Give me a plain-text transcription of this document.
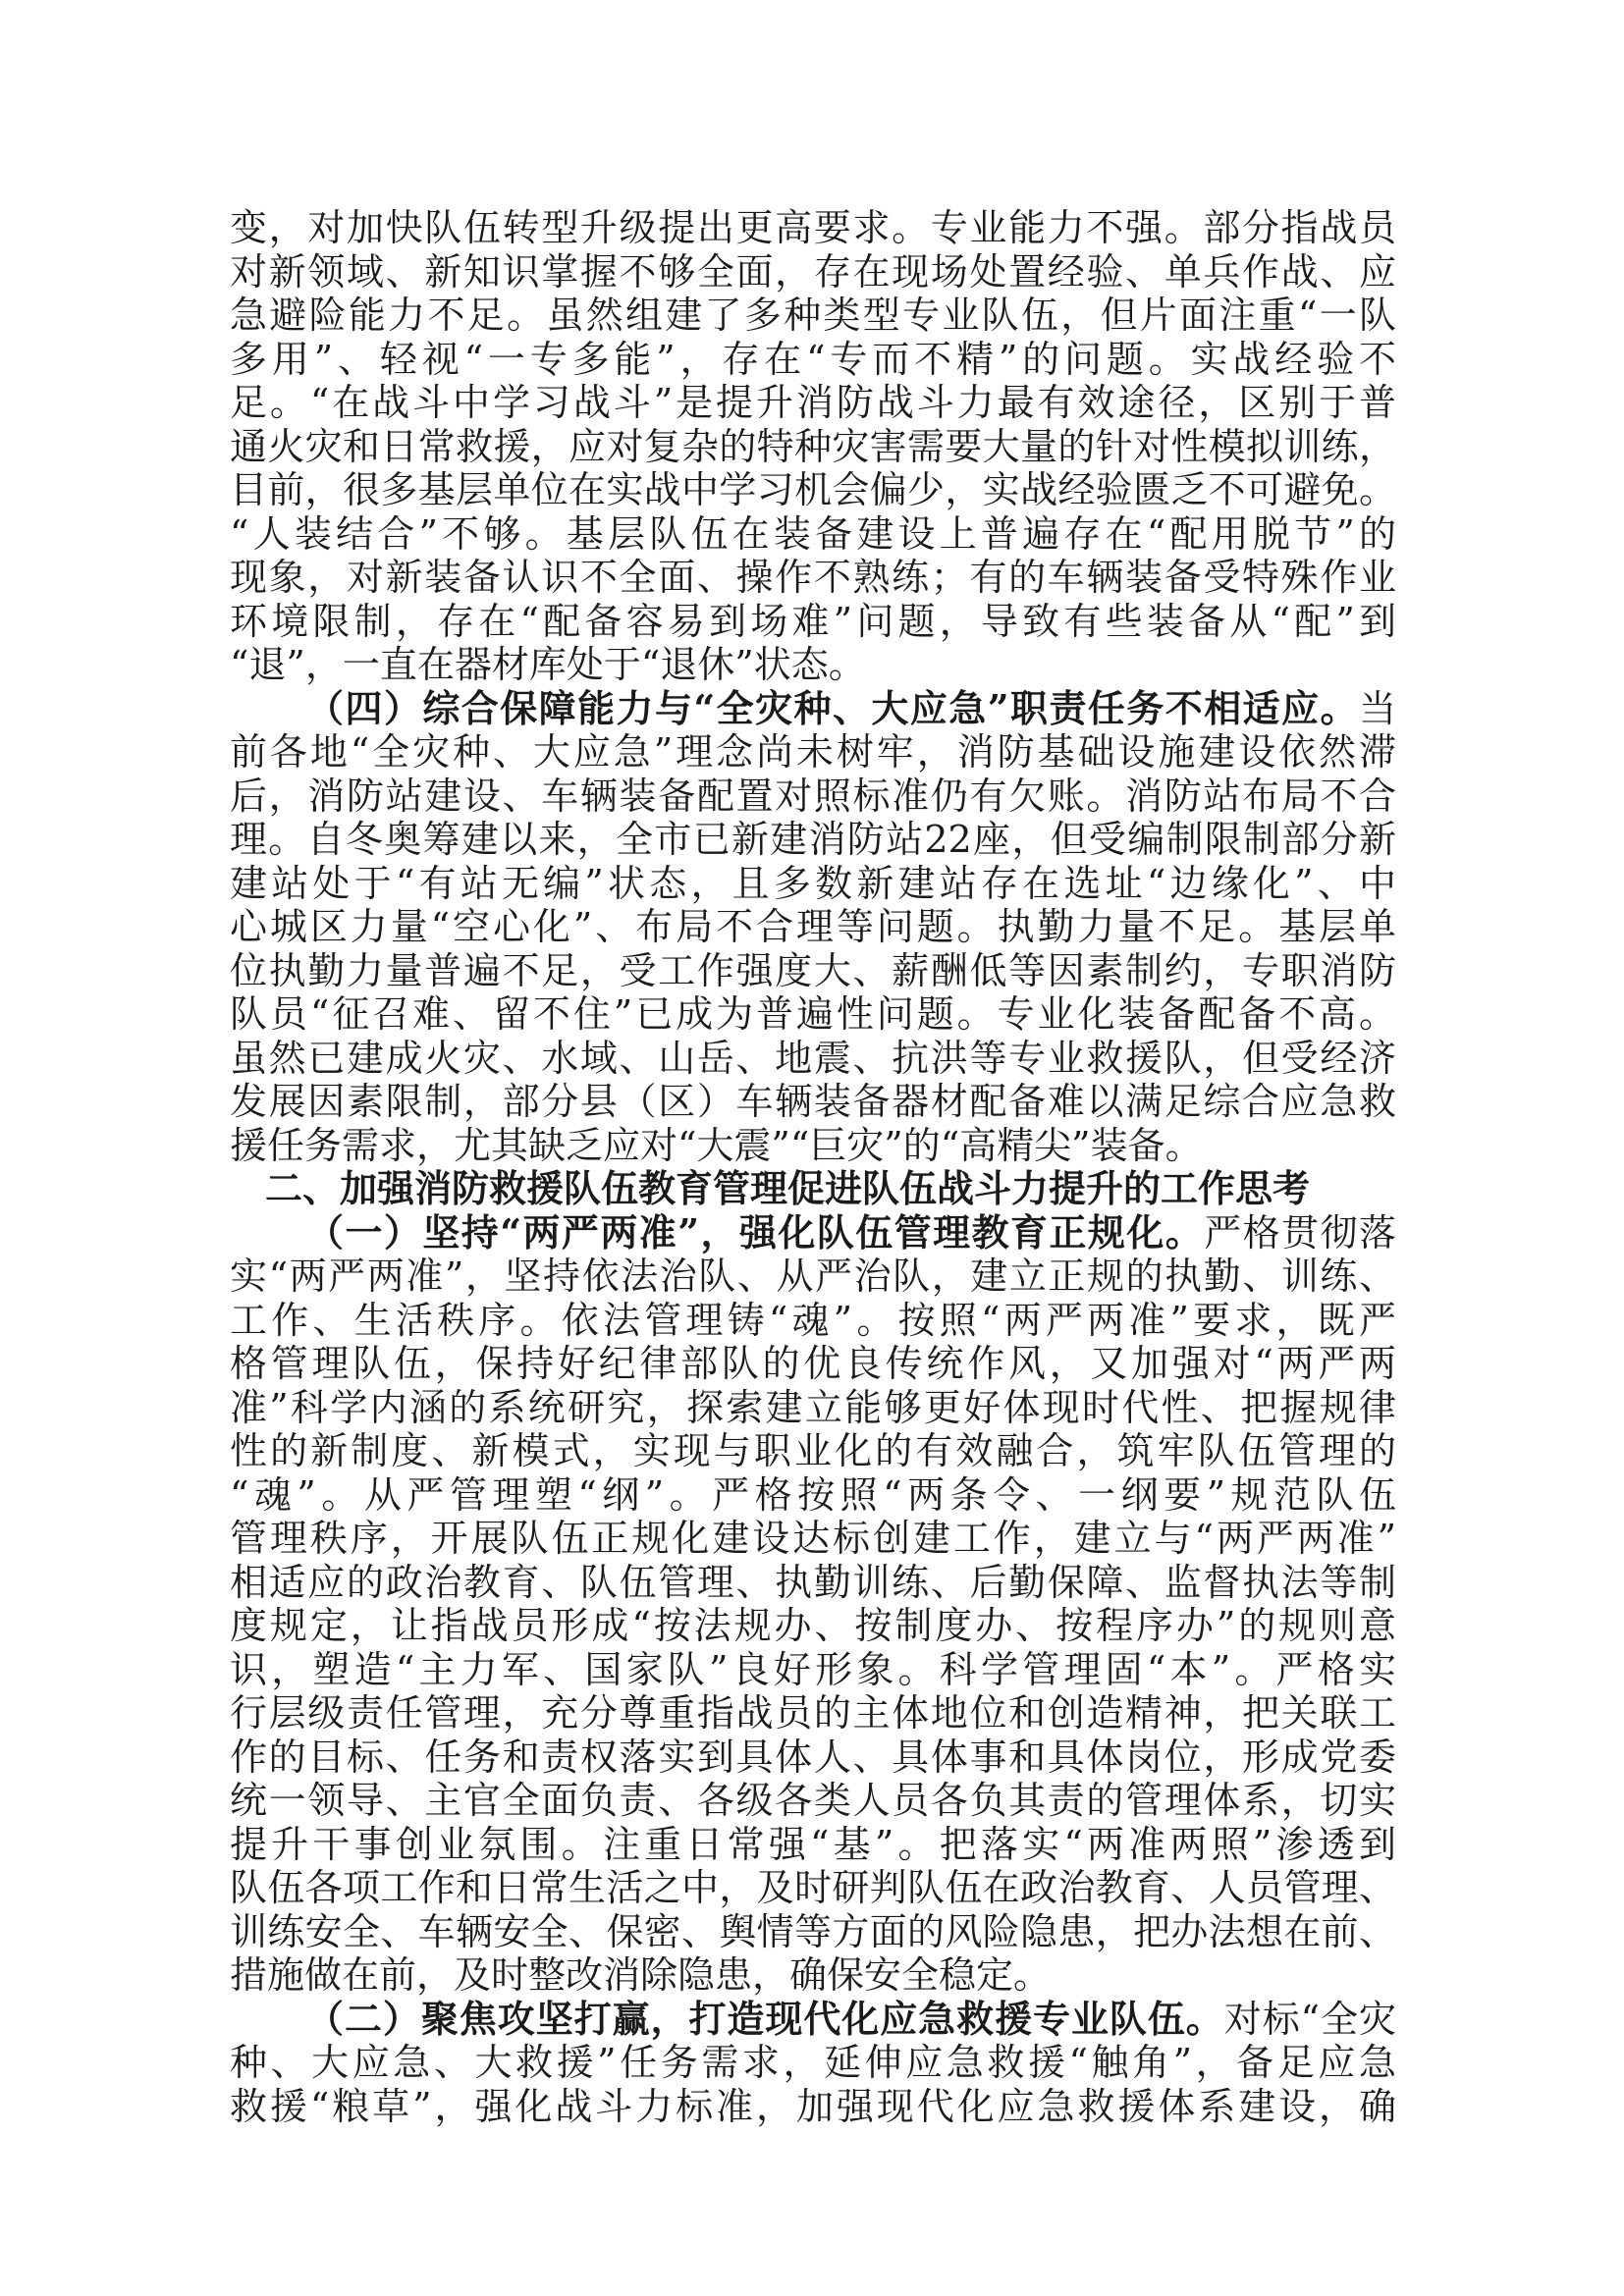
变，对加快队伍转型升级提出更高要求。专业能力不强。部分指战员
对新领域、新知识掌握不够全面，存在现场处置经验、单兵作战、应
急避险能力不足。虽然组建了多种类型专业队伍，但片面注重“一队
多用”、轻视“一专多能”，存在“专而不精”的问题。实战经验不
足。“在战斗中学习战斗”是提升消防战斗力最有效途径，区别于普
通火灾和日常救援，应对复杂的特种灾害需要大量的针对性模拟训练，
目前，很多基层单位在实战中学习机会偏少，实战经验匮乏不可避免。
“人装结合”不够。基层队伍在装备建设上普遍存在“配用脱节”的
现象，对新装备认识不全面、操作不熟练；有的车辆装备受特殊作业
环境限制，存在“配备容易到场难”问题，导致有些装备从“配”到
“退”，一直在器材库处于“退休”状态。
（四）综合保障能力与“全灾种、大应急”职责任务不相适应。当
前各地“全灾种、大应急”理念尚未树牢，消防基础设施建设依然滞
后，消防站建设、车辆装备配置对照标准仍有欠账。消防站布局不合
理。自冬奥筹建以来，全市已新建消防站22座，但受编制限制部分新
建站处于“有站无编”状态，且多数新建站存在选址“边缘化”、中
心城区力量“空心化”、布局不合理等问题。执勤力量不足。基层单
位执勤力量普遍不足，受工作强度大、薪酬低等因素制约，专职消防
队员“征召难、留不住”已成为普遍性问题。专业化装备配备不高。
虽然已建成火灾、水域、山岳、地震、抗洪等专业救援队，但受经济
发展因素限制，部分县（区）车辆装备器材配备难以满足综合应急救
援任务需求，尤其缺乏应对“大震”“巨灾”的“高精尖”装备。
二、加强消防救援队伍教育管理促进队伍战斗力提升的工作思考
（一）坚持“两严两准”，强化队伍管理教育正规化。严格贯彻落
实“两严两准”，坚持依法治队、从严治队，建立正规的执勤、训练、
工作、生活秩序。依法管理铸“魂”。按照“两严两准”要求，既严
格管理队伍，保持好纪律部队的优良传统作风，又加强对“两严两
准”科学内涵的系统研究，探索建立能够更好体现时代性、把握规律
性的新制度、新模式，实现与职业化的有效融合，筑牢队伍管理的
“魂”。从严管理塑“纲”。严格按照“两条令、一纲要”规范队伍
管理秩序，开展队伍正规化建设达标创建工作，建立与“两严两准”
相适应的政治教育、队伍管理、执勤训练、后勤保障、监督执法等制
度规定，让指战员形成“按法规办、按制度办、按程序办”的规则意
识，塑造“主力军、国家队”良好形象。科学管理固“本”。严格实
行层级责任管理，充分尊重指战员的主体地位和创造精神，把关联工
作的目标、任务和责权落实到具体人、具体事和具体岗位，形成党委
统一领导、主官全面负责、各级各类人员各负其责的管理体系，切实
提升干事创业氛围。注重日常强“基”。把落实“两准两照”渗透到
队伍各项工作和日常生活之中，及时研判队伍在政治教育、人员管理、
训练安全、车辆安全、保密、舆情等方面的风险隐患，把办法想在前、
措施做在前，及时整改消除隐患，确保安全稳定。
（二）聚焦攻坚打赢，打造现代化应急救援专业队伍。对标“全灾
种、大应急、大救援”任务需求，延伸应急救援“触角”，备足应急
救援“粮草”，强化战斗力标准，加强现代化应急救援体系建设，确
